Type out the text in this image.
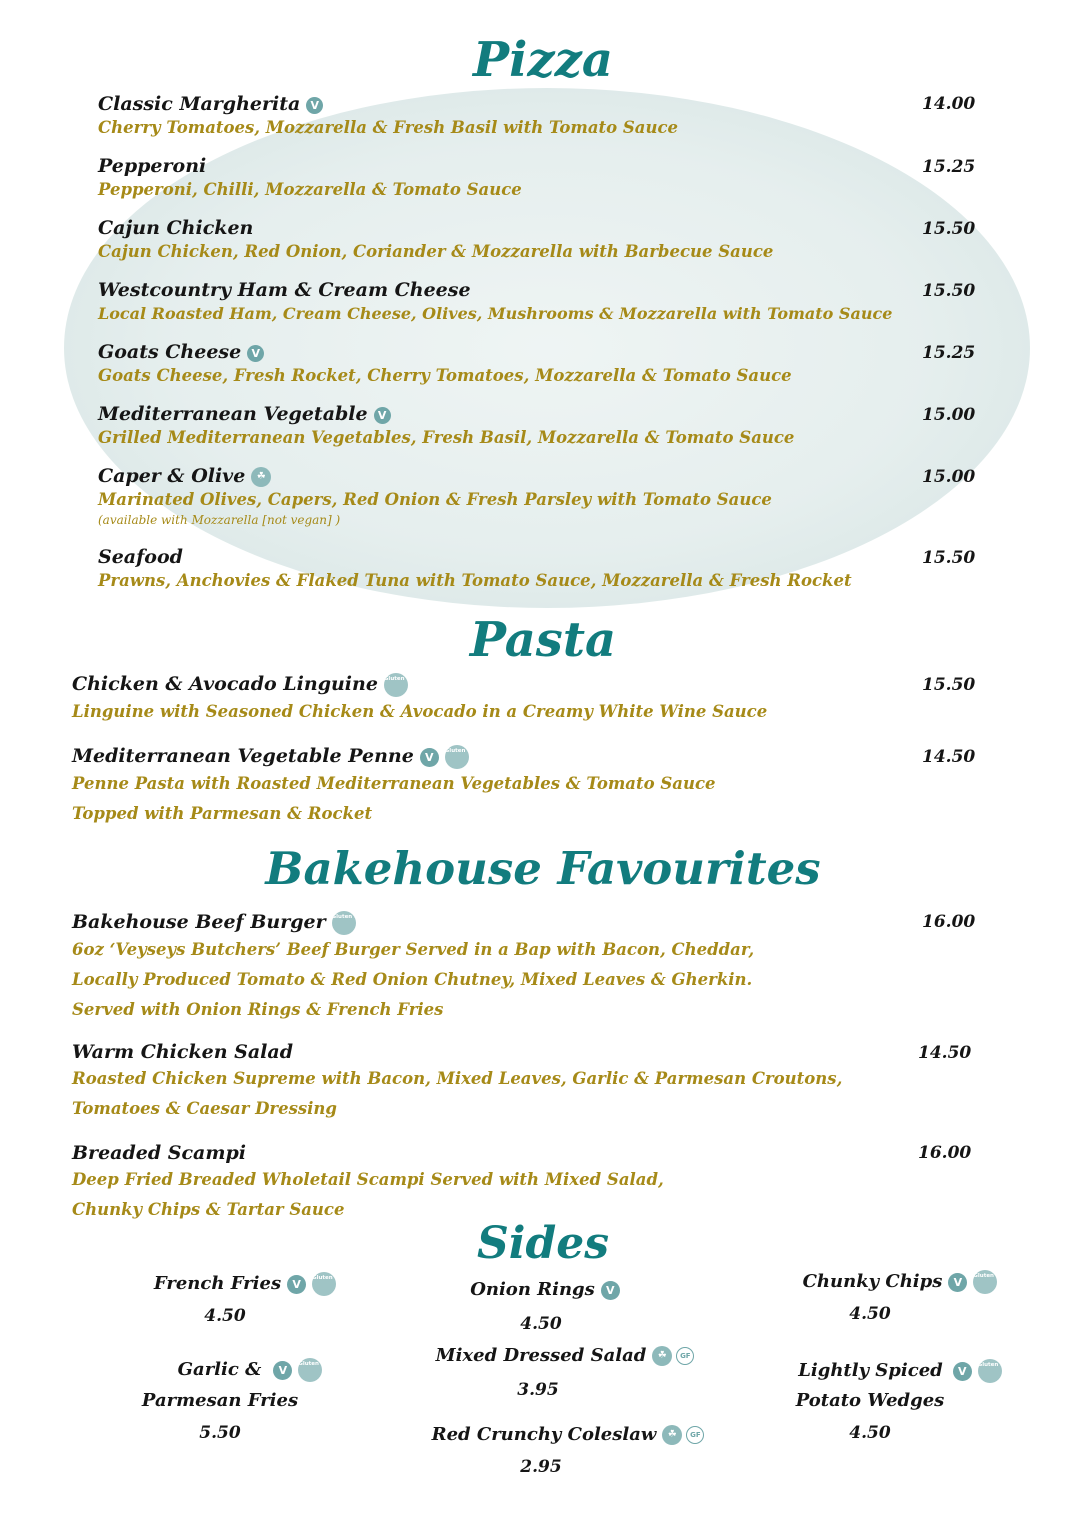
Pizza
Classic Margherita V
Cherry Tomatoes, Mozzarella & Fresh Basil with Tomato Sauce
14.00
Pepperoni
Pepperoni, Chilli, Mozzarella & Tomato Sauce
15.25
Cajun Chicken
Cajun Chicken, Red Onion, Coriander & Mozzarella with Barbecue Sauce
15.50
Westcountry Ham & Cream Cheese
Local Roasted Ham, Cream Cheese, Olives, Mushrooms & Mozzarella with Tomato Sauce
15.50
Goats Cheese V
Goats Cheese, Fresh Rocket, Cherry Tomatoes, Mozzarella & Tomato Sauce
15.25
Mediterranean Vegetable V
Grilled Mediterranean Vegetables, Fresh Basil, Mozzarella & Tomato Sauce
15.00
Caper & Olive ☘
Marinated Olives, Capers, Red Onion & Fresh Parsley with Tomato Sauce
(available with Mozzarella [not vegan] )
15.00
Seafood
Prawns, Anchovies & Flaked Tuna with Tomato Sauce, Mozzarella & Fresh Rocket
15.50
Pasta
Chicken & Avocado Linguine Gluten FREE Available
Linguine with Seasoned Chicken & Avocado in a Creamy White Wine Sauce
15.50
Mediterranean Vegetable Penne V Gluten FREE Available
Penne Pasta with Roasted Mediterranean Vegetables & Tomato Sauce
Topped with Parmesan & Rocket
14.50
Bakehouse Favourites
Bakehouse Beef Burger Gluten FREE Available
6oz ‘Veyseys Butchers’ Beef Burger Served in a Bap with Bacon, Cheddar,
Locally Produced Tomato & Red Onion Chutney, Mixed Leaves & Gherkin.
Served with Onion Rings & French Fries
16.00
Warm Chicken Salad
Roasted Chicken Supreme with Bacon, Mixed Leaves, Garlic & Parmesan Croutons,
Tomatoes & Caesar Dressing
14.50
Breaded Scampi
Deep Fried Breaded Wholetail Scampi Served with Mixed Salad,
Chunky Chips & Tartar Sauce
16.00
Sides
French Fries V Gluten FREE Available
4.50
Onion Rings V
4.50
Chunky Chips V Gluten FREE Available
4.50
Garlic & V Gluten FREE Available
Parmesan Fries
5.50
Mixed Dressed Salad ☘ GF
3.95
Lightly Spiced V Gluten FREE Available
Potato Wedges
4.50
Red Crunchy Coleslaw ☘ GF
2.95
